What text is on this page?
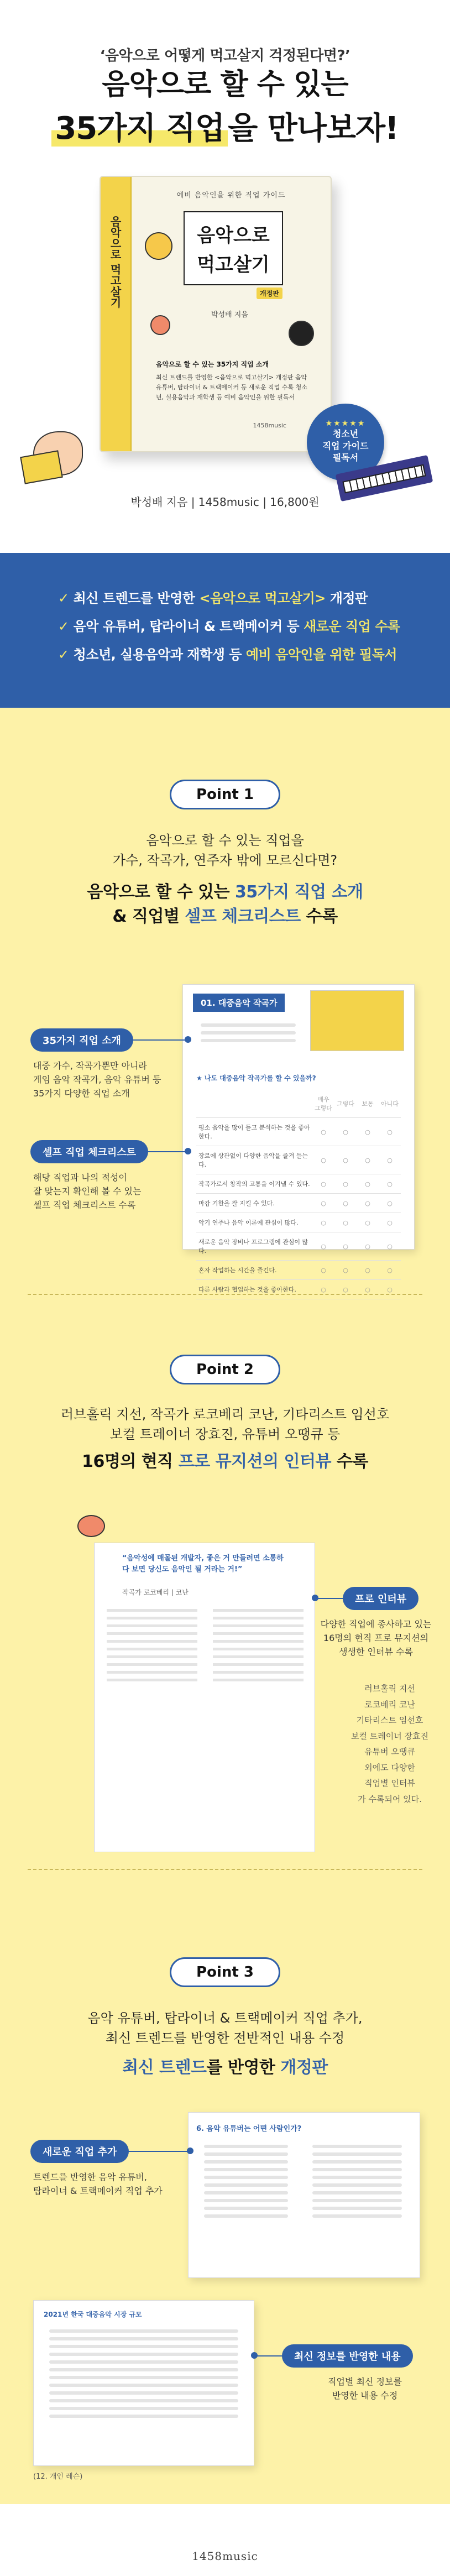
‘음악으로 어떻게 먹고살지 걱정된다면?’
음악으로 할 수 있는
35가지 직업 을 만나보자!
음악으로 먹고살기
예비 음악인을 위한 직업 가이드
음악으로
먹고살기
개정판
박성배 지음
음악으로 할 수 있는 35가지 직업 소개
최신 트렌드를 반영한 <음악으로 먹고살기> 개정판 음악 유튜버, 탑라이너 & 트랙메이커 등 새로운 직업 수록 청소년, 실용음악과 재학생 등 예비 음악인을 위한 필독서
1458music	★★★★★
청소년
직업 가이드
필독서
박성배 지음 | 1458music | 16,800원
✓ 최신 트렌드를 반영한 <음악으로 먹고살기> 개정판
✓ 음악 유튜버, 탑라이너 & 트랙메이커 등 새로운 직업 수록
✓ 청소년, 실용음악과 재학생 등 예비 음악인을 위한 필독서
Point 1
음악으로 할 수 있는 직업을
가수, 작곡가, 연주자 밖에 모르신다면?
음악으로 할 수 있는 35가지 직업 소개
& 직업별 셀프 체크리스트 수록
01. 대중음악 작곡가
★ 나도 대중음악 작곡가를 할 수 있을까?
	매우 그렇다	그렇다	보통	아니다
평소 음악을 많이 듣고 분석하는 것을 좋아한다.	○	○	○	○
장르에 상관없이 다양한 음악을 즐겨 듣는다.	○	○	○	○
작곡가로서 창작의 고통을 이겨낼 수 있다.	○	○	○	○
마감 기한을 잘 지킬 수 있다.	○	○	○	○
악기 연주나 음악 이론에 관심이 많다.	○	○	○	○
새로운 음악 장비나 프로그램에 관심이 많다.	○	○	○	○
혼자 작업하는 시간을 즐긴다.	○	○	○	○
다른 사람과 협업하는 것을 좋아한다.	○	○	○	○

35가지 직업 소개
대중 가수, 작곡가뿐만 아니라
게임 음악 작곡가, 음악 유튜버 등
35가지 다양한 직업 소개
셀프 직업 체크리스트
해당 직업과 나의 적성이
잘 맞는지 확인해 볼 수 있는
셀프 직업 체크리스트 수록
Point 2
러브홀릭 지선, 작곡가 로코베리 코난, 기타리스트 임선호
보컬 트레이너 장효진, 유튜버 오땡큐 등
16명의 현직 프로 뮤지션의 인터뷰 수록
“음악성에 매몰된 개발자, 좋은 거 만들려면 소통하다 보면 당신도 음악인 될 거라는 거!”
작곡가 로코베리 | 코난
프로 인터뷰
다양한 직업에 종사하고 있는
16명의 현직 프로 뮤지션의
생생한 인터뷰 수록
러브홀릭 지선
로코베리 코난
기타리스트 임선호
보컬 트레이너 장효진
유튜버 오땡큐
외에도 다양한
직업별 인터뷰
가 수록되어 있다.
Point 3
음악 유튜버, 탑라이너 & 트랙메이커 직업 추가,
최신 트렌드를 반영한 전반적인 내용 수정
최신 트렌드를 반영한 개정판
6. 음악 유튜버는 어떤 사람인가?
새로운 직업 추가
트렌드를 반영한 음악 유튜버,
탑라이너 & 트랙메이커 직업 추가
2021년 한국 대중음악 시장 규모
최신 정보를 반영한 내용
직업별 최신 정보를
반영한 내용 수정
(12. 개인 레슨)
1458music
